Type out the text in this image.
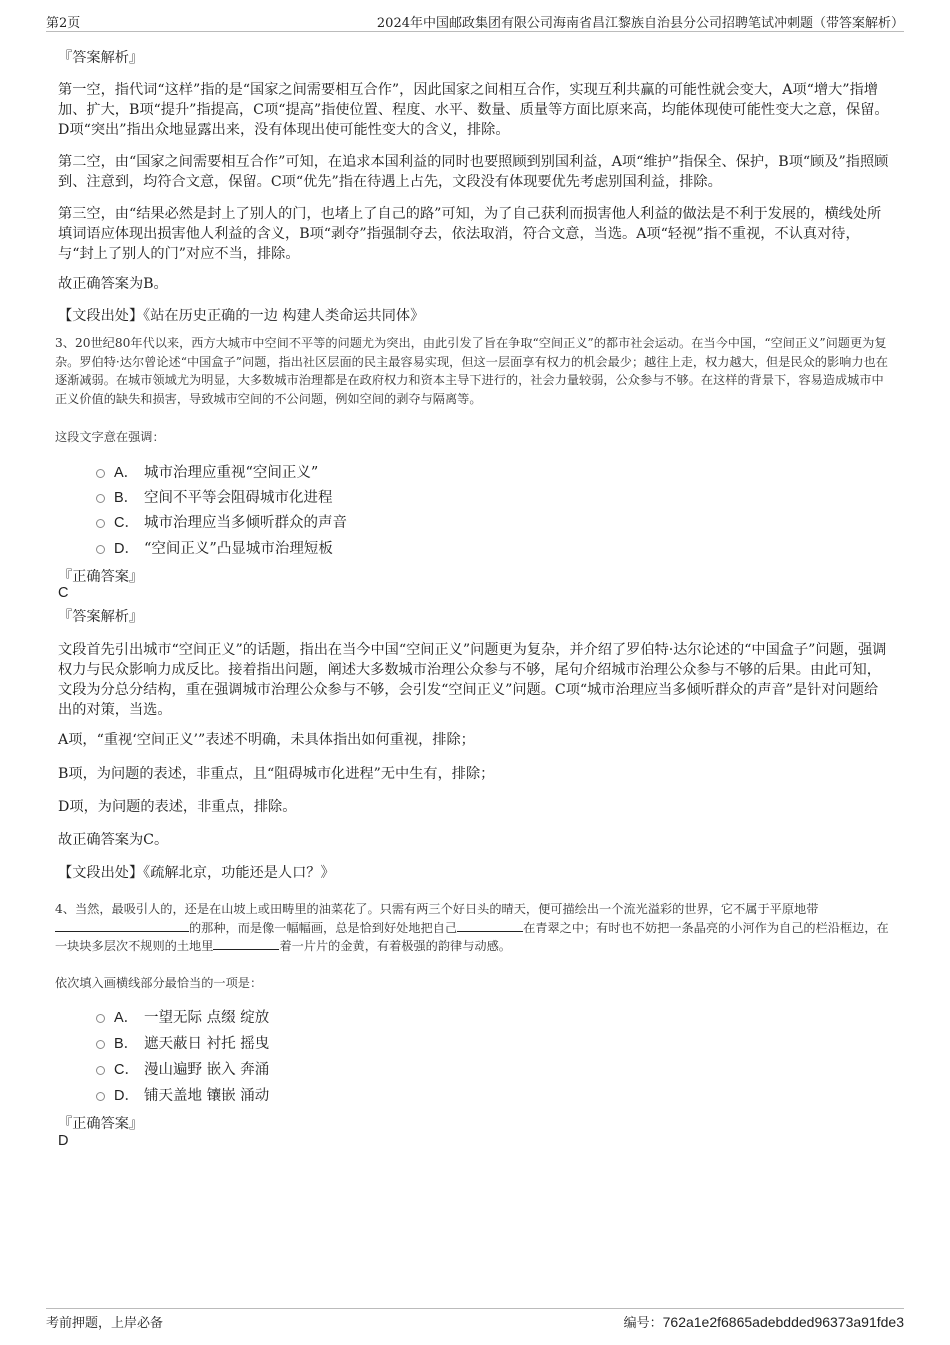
第2页	2024年中国邮政集团有限公司海南省昌江黎族自治县分公司招聘笔试冲刺题（带答案解析）
『答案解析』
第一空，指代词“这样”指的是“国家之间需要相互合作”，因此国家之间相互合作，实现互利共赢的可能性就会变大，A项“增大”指增加、扩大，B项“提升”指提高，C项“提高”指使位置、程度、水平、数量、质量等方面比原来高，均能体现使可能性变大之意，保留。D项“突出”指出众地显露出来，没有体现出使可能性变大的含义，排除。
第二空，由“国家之间需要相互合作”可知，在追求本国利益的同时也要照顾到别国利益，A项“维护”指保全、保护，B项“顾及”指照顾到、注意到，均符合文意，保留。C项“优先”指在待遇上占先，文段没有体现要优先考虑别国利益，排除。
第三空，由“结果必然是封上了别人的门，也堵上了自己的路”可知，为了自己获利而损害他人利益的做法是不利于发展的，横线处所填词语应体现出损害他人利益的含义，B项“剥夺”指强制夺去，依法取消，符合文意，当选。A项“轻视”指不重视，不认真对待，与“封上了别人的门”对应不当，排除。
故正确答案为B。
【文段出处】《站在历史正确的一边 构建人类命运共同体》
3、20世纪80年代以来，西方大城市中空间不平等的问题尤为突出，由此引发了旨在争取“空间正义”的都市社会运动。在当今中国，“空间正义”问题更为复杂。罗伯特·达尔曾论述“中国盒子”问题，指出社区层面的民主最容易实现，但这一层面享有权力的机会最少；越往上走，权力越大，但是民众的影响力也在逐渐减弱。在城市领域尤为明显，大多数城市治理都是在政府权力和资本主导下进行的，社会力量较弱，公众参与不够。在这样的背景下，容易造成城市中正义价值的缺失和损害，导致城市空间的不公问题，例如空间的剥夺与隔离等。
这段文字意在强调：
A． 城市治理应重视“空间正义”
B． 空间不平等会阻碍城市化进程
C． 城市治理应当多倾听群众的声音
D． “空间正义”凸显城市治理短板
『正确答案』
C
『答案解析』
文段首先引出城市“空间正义”的话题，指出在当今中国“空间正义”问题更为复杂，并介绍了罗伯特·达尔论述的“中国盒子”问题，强调权力与民众影响力成反比。接着指出问题，阐述大多数城市治理公众参与不够，尾句介绍城市治理公众参与不够的后果。由此可知，文段为分总分结构，重在强调城市治理公众参与不够，会引发“空间正义”问题。C项“城市治理应当多倾听群众的声音”是针对问题给出的对策，当选。
A项，“重视‘空间正义’”表述不明确，未具体指出如何重视，排除；
B项，为问题的表述，非重点，且“阻碍城市化进程”无中生有，排除；
D项，为问题的表述，非重点，排除。
故正确答案为C。
【文段出处】《疏解北京，功能还是人口？》
4、当然，最吸引人的，还是在山坡上或田畴里的油菜花了。只需有两三个好日头的晴天，便可描绘出一个流光溢彩的世界，它不属于平原地带的那种，而是像一幅幅画，总是恰到好处地把自己	在青翠之中；有时也不妨把一条晶亮的小河作为自己的栏沿框边，在一块块多层次不规则的土地里	着一片片的金黄，有着极强的韵律与动感。
依次填入画横线部分最恰当的一项是：
A． 一望无际 点缀 绽放
B． 遮天蔽日 衬托 摇曳
C． 漫山遍野 嵌入 奔涌
D． 铺天盖地 镶嵌 涌动
『正确答案』
D
考前押题，上岸必备	编号：762a1e2f6865adebdded96373a91fde3
